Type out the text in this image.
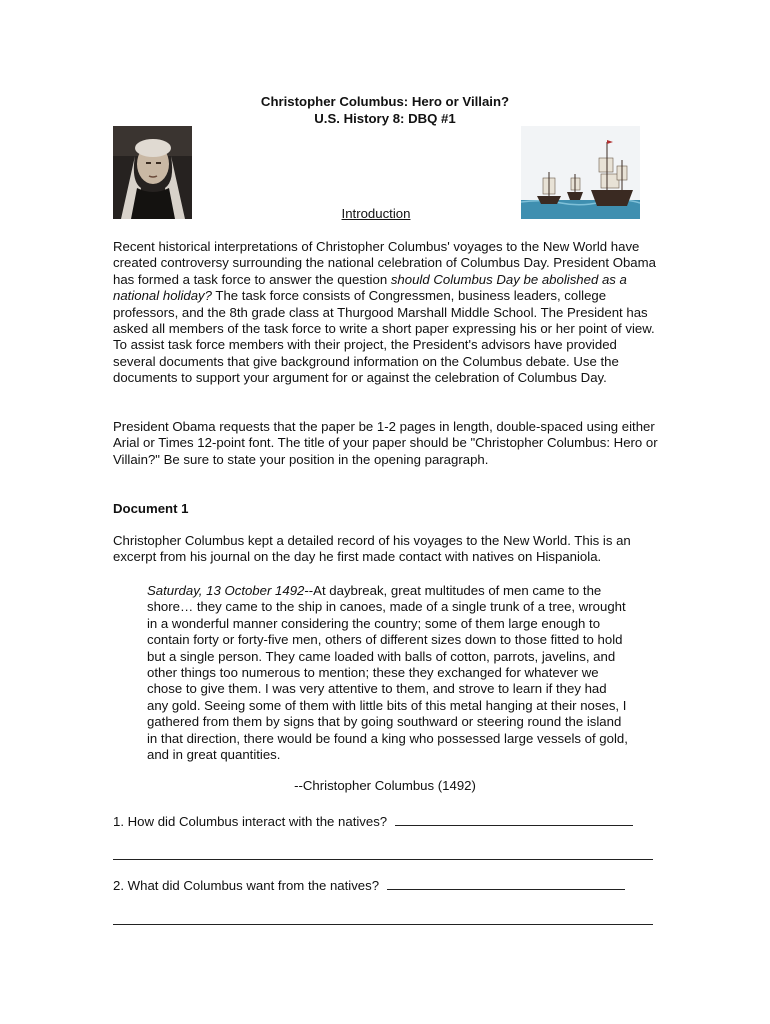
Christopher Columbus: Hero or Villain?
U.S. History 8: DBQ #1
Introduction

Recent historical interpretations of Christopher Columbus' voyages to the New World have created controversy surrounding the national celebration of Columbus Day. President Obama has formed a task force to answer the question should Columbus Day be abolished as a national holiday? The task force consists of Congressmen, business leaders, college professors, and the 8th grade class at Thurgood Marshall Middle School. The President has asked all members of the task force to write a short paper expressing his or her point of view. To assist task force members with their project, the President's advisors have provided several documents that give background information on the Columbus debate. Use the documents to support your argument for or against the celebration of Columbus Day.

President Obama requests that the paper be 1-2 pages in length, double-spaced using either Arial or Times 12-point font. The title of your paper should be "Christopher Columbus: Hero or Villain?" Be sure to state your position in the opening paragraph.

Document 1

Christopher Columbus kept a detailed record of his voyages to the New World. This is an excerpt from his journal on the day he first made contact with natives on Hispaniola.

Saturday, 13 October 1492--At daybreak, great multitudes of men came to the shore… they came to the ship in canoes, made of a single trunk of a tree, wrought in a wonderful manner considering the country; some of them large enough to contain forty or forty-five men, others of different sizes down to those fitted to hold but a single person. They came loaded with balls of cotton, parrots, javelins, and other things too numerous to mention; these they exchanged for whatever we chose to give them. I was very attentive to them, and strove to learn if they had any gold. Seeing some of them with little bits of this metal hanging at their noses, I gathered from them by signs that by going southward or steering round the island in that direction, there would be found a king who possessed large vessels of gold, and in great quantities.

--Christopher Columbus (1492)
1. How did Columbus interact with the natives?
2. What did Columbus want from the natives?
